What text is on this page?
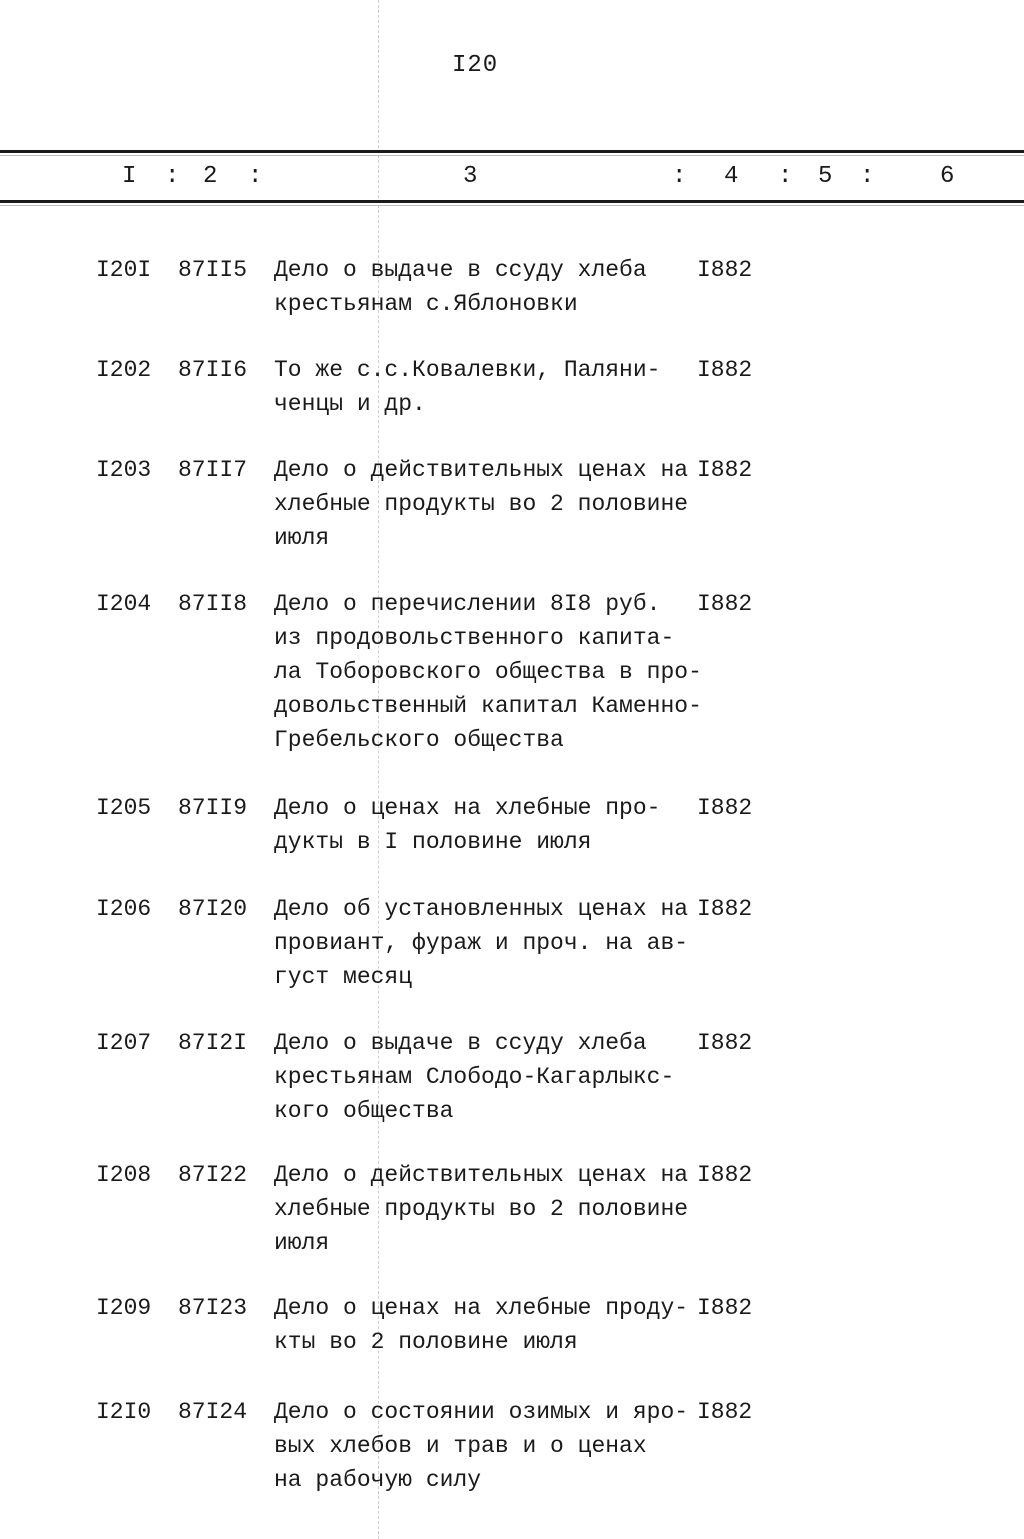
I20
I : 2 :	3	: 4 : 5 :	6
I20I 87II5 Дело о выдаче в ссуду хлеба
крестьянам с.Яблоновки
I882
I202 87II6 То же с.с.Ковалевки, Паляни-
ченцы и др.
I882
I203 87II7 Дело о действительных ценах на
хлебные продукты во 2 половине
июля
I882
I204 87II8 Дело о перечислении 8I8 руб.
из продовольственного капита-
ла Тоборовского общества в про-
довольственный капитал Каменно-
Гребельского общества
I882
I205 87II9 Дело о ценах на хлебные про-
дукты в I половине июля
I882
I206 87I20 Дело об установленных ценах на
провиант, фураж и проч. на ав-
густ месяц
I882
I207 87I2I Дело о выдаче в ссуду хлеба
крестьянам Слободо-Кагарлыкс-
кого общества
I882
I208 87I22 Дело о действительных ценах на
хлебные продукты во 2 половине
июля
I882
I209 87I23 Дело о ценах на хлебные проду-
кты во 2 половине июля
I882
I2I0 87I24 Дело о состоянии озимых и яро-
вых хлебов и трав и о ценах
на рабочую силу
I882
